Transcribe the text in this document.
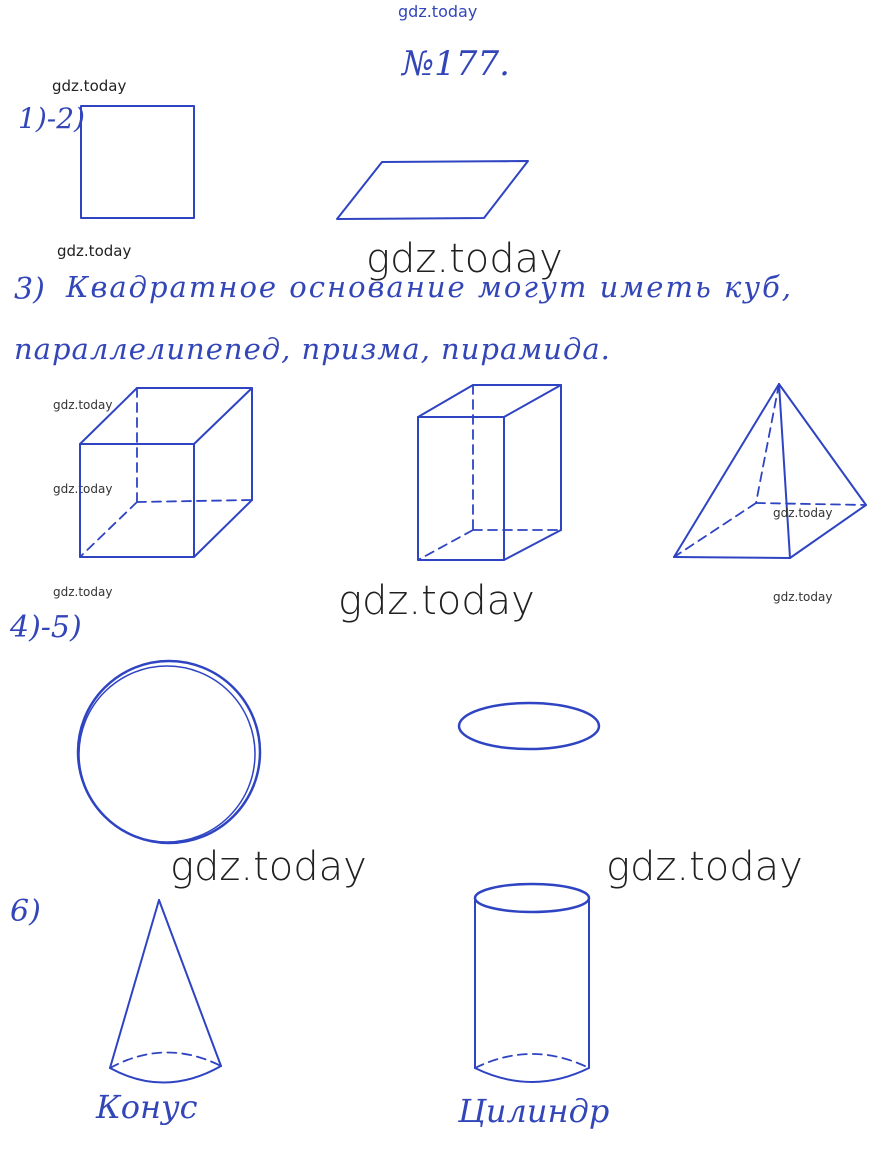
gdz.today
№177.
gdz.today
1)-2)
gdz.today	gdz.today
3) Квадратное основание могут иметь куб,
параллелипепед, призма, пирамида.
gdz.today
gdz.today
gdz.today
gdz.today	gdz.today	gdz.today
4)-5)
gdz.today	gdz.today
6)
Конус	Цилиндр
